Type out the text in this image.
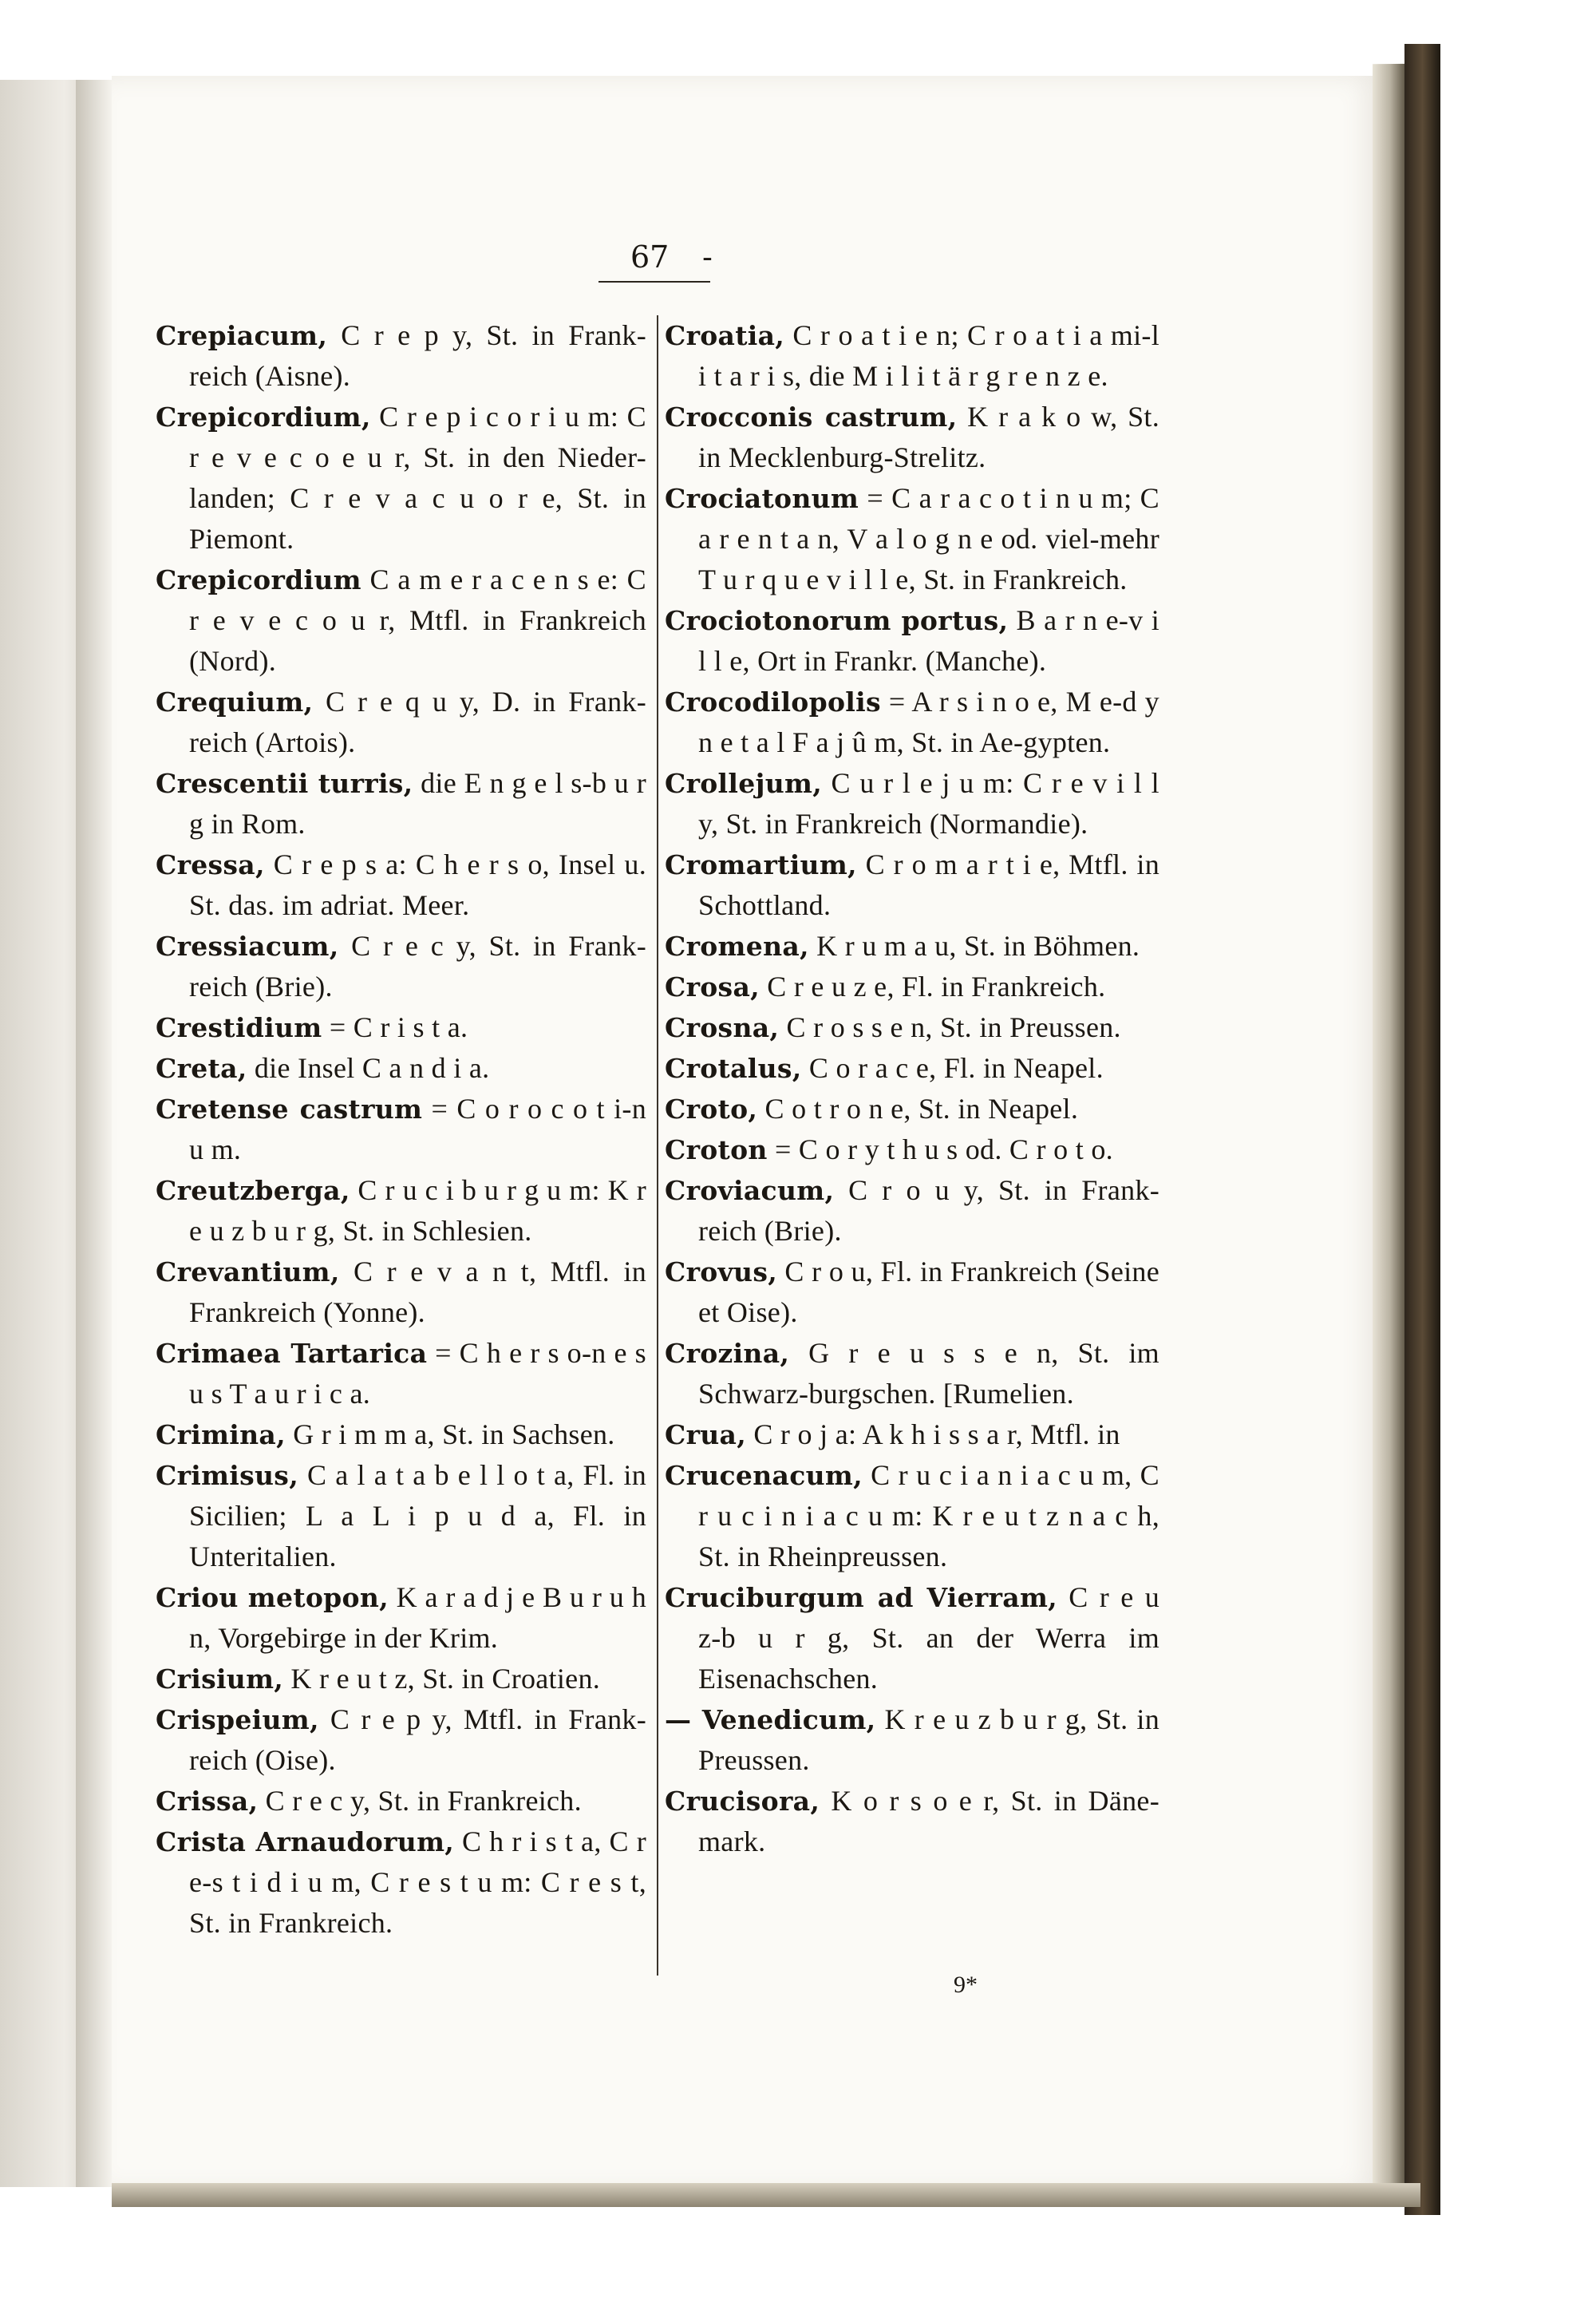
67 -

Crepiacum, C r e p y, St. in Frank-reich (Aisne).

Crepicordium, C r e p i c o r i u m: C r e v e c o e u r, St. in den Nieder-landen; C r e v a c u o r e, St. in Piemont.

Crepicordium C a m e r a c e n s e: C r e v e c o u r, Mtfl. in Frankreich (Nord).

Crequium, C r e q u y, D. in Frank-reich (Artois).

Crescentii turris, die E n g e l s-b u r g in Rom.

Cressa, C r e p s a: C h e r s o, Insel u. St. das. im adriat. Meer.

Cressiacum, C r e c y, St. in Frank-reich (Brie).

Crestidium = C r i s t a.

Creta, die Insel C a n d i a.

Cretense castrum = C o r o c o t i-n u m.

Creutzberga, C r u c i b u r g u m: K r e u z b u r g, St. in Schlesien.

Crevantium, C r e v a n t, Mtfl. in Frankreich (Yonne).

Crimaea Tartarica = C h e r s o-n e s u s T a u r i c a.

Crimina, G r i m m a, St. in Sachsen.

Crimisus, C a l a t a b e l l o t a, Fl. in Sicilien; L a L i p u d a, Fl. in Unteritalien.

Criou metopon, K a r a d j e B u r u h n, Vorgebirge in der Krim.

Crisium, K r e u t z, St. in Croatien.

Crispeium, C r e p y, Mtfl. in Frank-reich (Oise).

Crissa, C r e c y, St. in Frankreich.

Crista Arnaudorum, C h r i s t a, C r e-s t i d i u m, C r e s t u m: C r e s t, St. in Frankreich.

Croatia, C r o a t i e n; C r o a t i a mi-l i t a r i s, die M i l i t ä r g r e n z e.

Crocconis castrum, K r a k o w, St. in Mecklenburg-Strelitz.

Crociatonum = C a r a c o t i n u m; C a r e n t a n, V a l o g n e od. viel-mehr T u r q u e v i l l e, St. in Frankreich.

Crociotonorum portus, B a r n e-v i l l e, Ort in Frankr. (Manche).

Crocodilopolis = A r s i n o e, M e-d y n e t a l F a j û m, St. in Ae-gypten.

Crollejum, C u r l e j u m: C r e v i l l y, St. in Frankreich (Normandie).

Cromartium, C r o m a r t i e, Mtfl. in Schottland.

Cromena, K r u m a u, St. in Böhmen.

Crosa, C r e u z e, Fl. in Frankreich.

Crosna, C r o s s e n, St. in Preussen.

Crotalus, C o r a c e, Fl. in Neapel.

Croto, C o t r o n e, St. in Neapel.

Croton = C o r y t h u s od. C r o t o.

Croviacum, C r o u y, St. in Frank-reich (Brie).

Crovus, C r o u, Fl. in Frankreich (Seine et Oise).

Crozina, G r e u s s e n, St. im Schwarz-burgschen. [Rumelien.

Crua, C r o j a: A k h i s s a r, Mtfl. in

Crucenacum, C r u c i a n i a c u m, C r u c i n i a c u m: K r e u t z n a c h, St. in Rheinpreussen.

Cruciburgum ad Vierram, C r e u z-b u r g, St. an der Werra im Eisenachschen.

— Venedicum, K r e u z b u r g, St. in Preussen.

Crucisora, K o r s o e r, St. in Däne-mark.

9*
